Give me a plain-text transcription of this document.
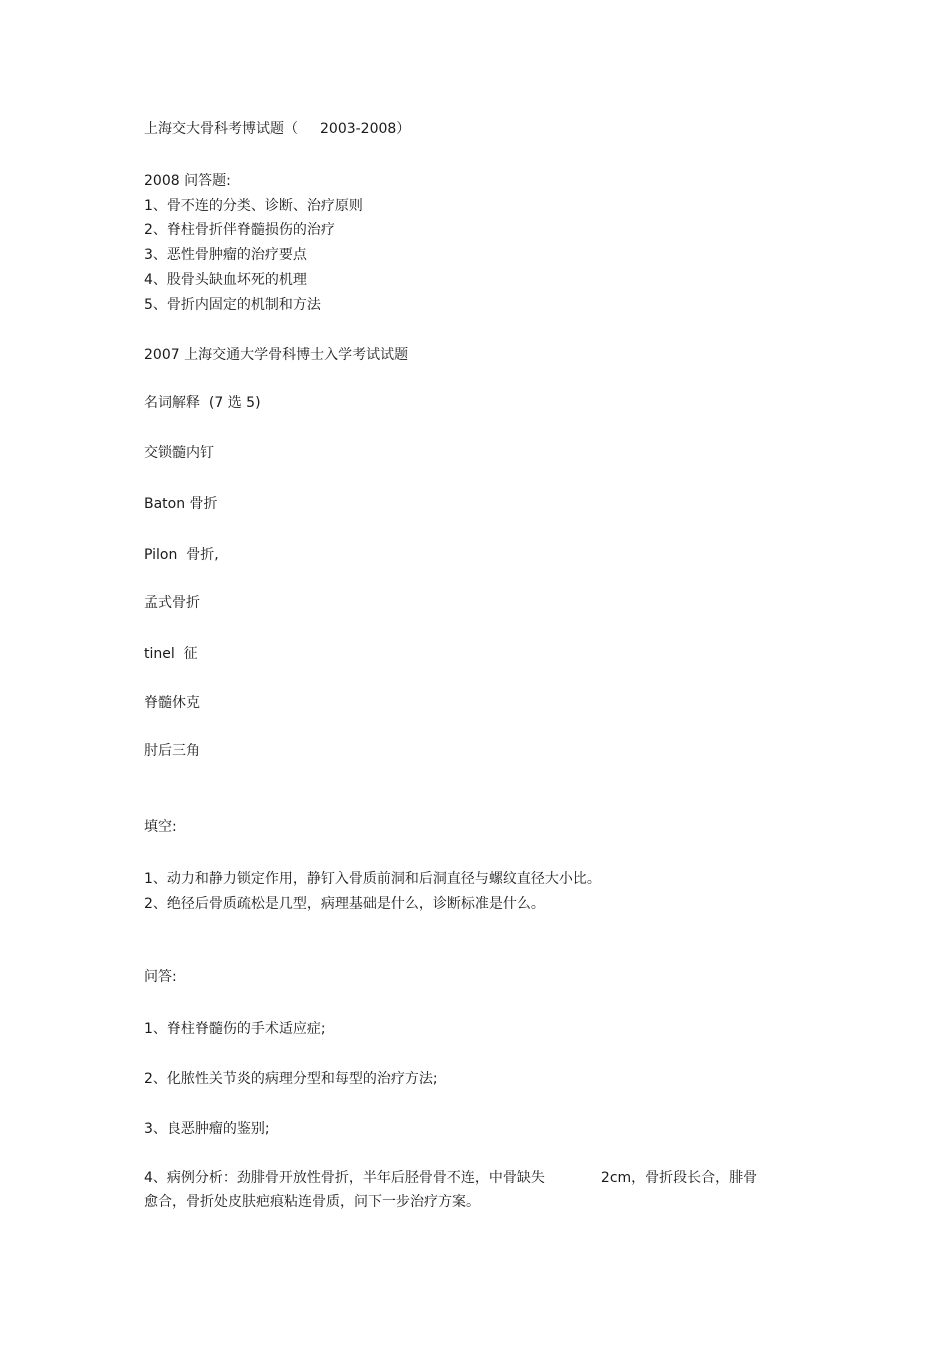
上海交大骨科考博试题（ 2003-2008）
2008 问答题:
1、骨不连的分类、诊断、治疗原则
2、脊柱骨折伴脊髓损伤的治疗
3、恶性骨肿瘤的治疗要点
4、股骨头缺血坏死的机理
5、骨折内固定的机制和方法
2007 上海交通大学骨科博士入学考试试题
名词解释  (7 选 5)
交锁髓内钉
Baton 骨折
Pilon  骨折,
孟式骨折
tinel  征
脊髓休克
肘后三角
填空:
1、动力和静力锁定作用，静钉入骨质前洞和后洞直径与螺纹直径大小比。
2、绝径后骨质疏松是几型，病理基础是什么，诊断标准是什么。
问答:
1、脊柱脊髓伤的手术适应症;
2、化脓性关节炎的病理分型和每型的治疗方法;
3、良恶肿瘤的鉴别;
4、病例分析：劲腓骨开放性骨折，半年后胫骨骨不连，中骨缺失	2cm，骨折段长合，腓骨
愈合，骨折处皮肤疤痕粘连骨质，问下一步治疗方案。
